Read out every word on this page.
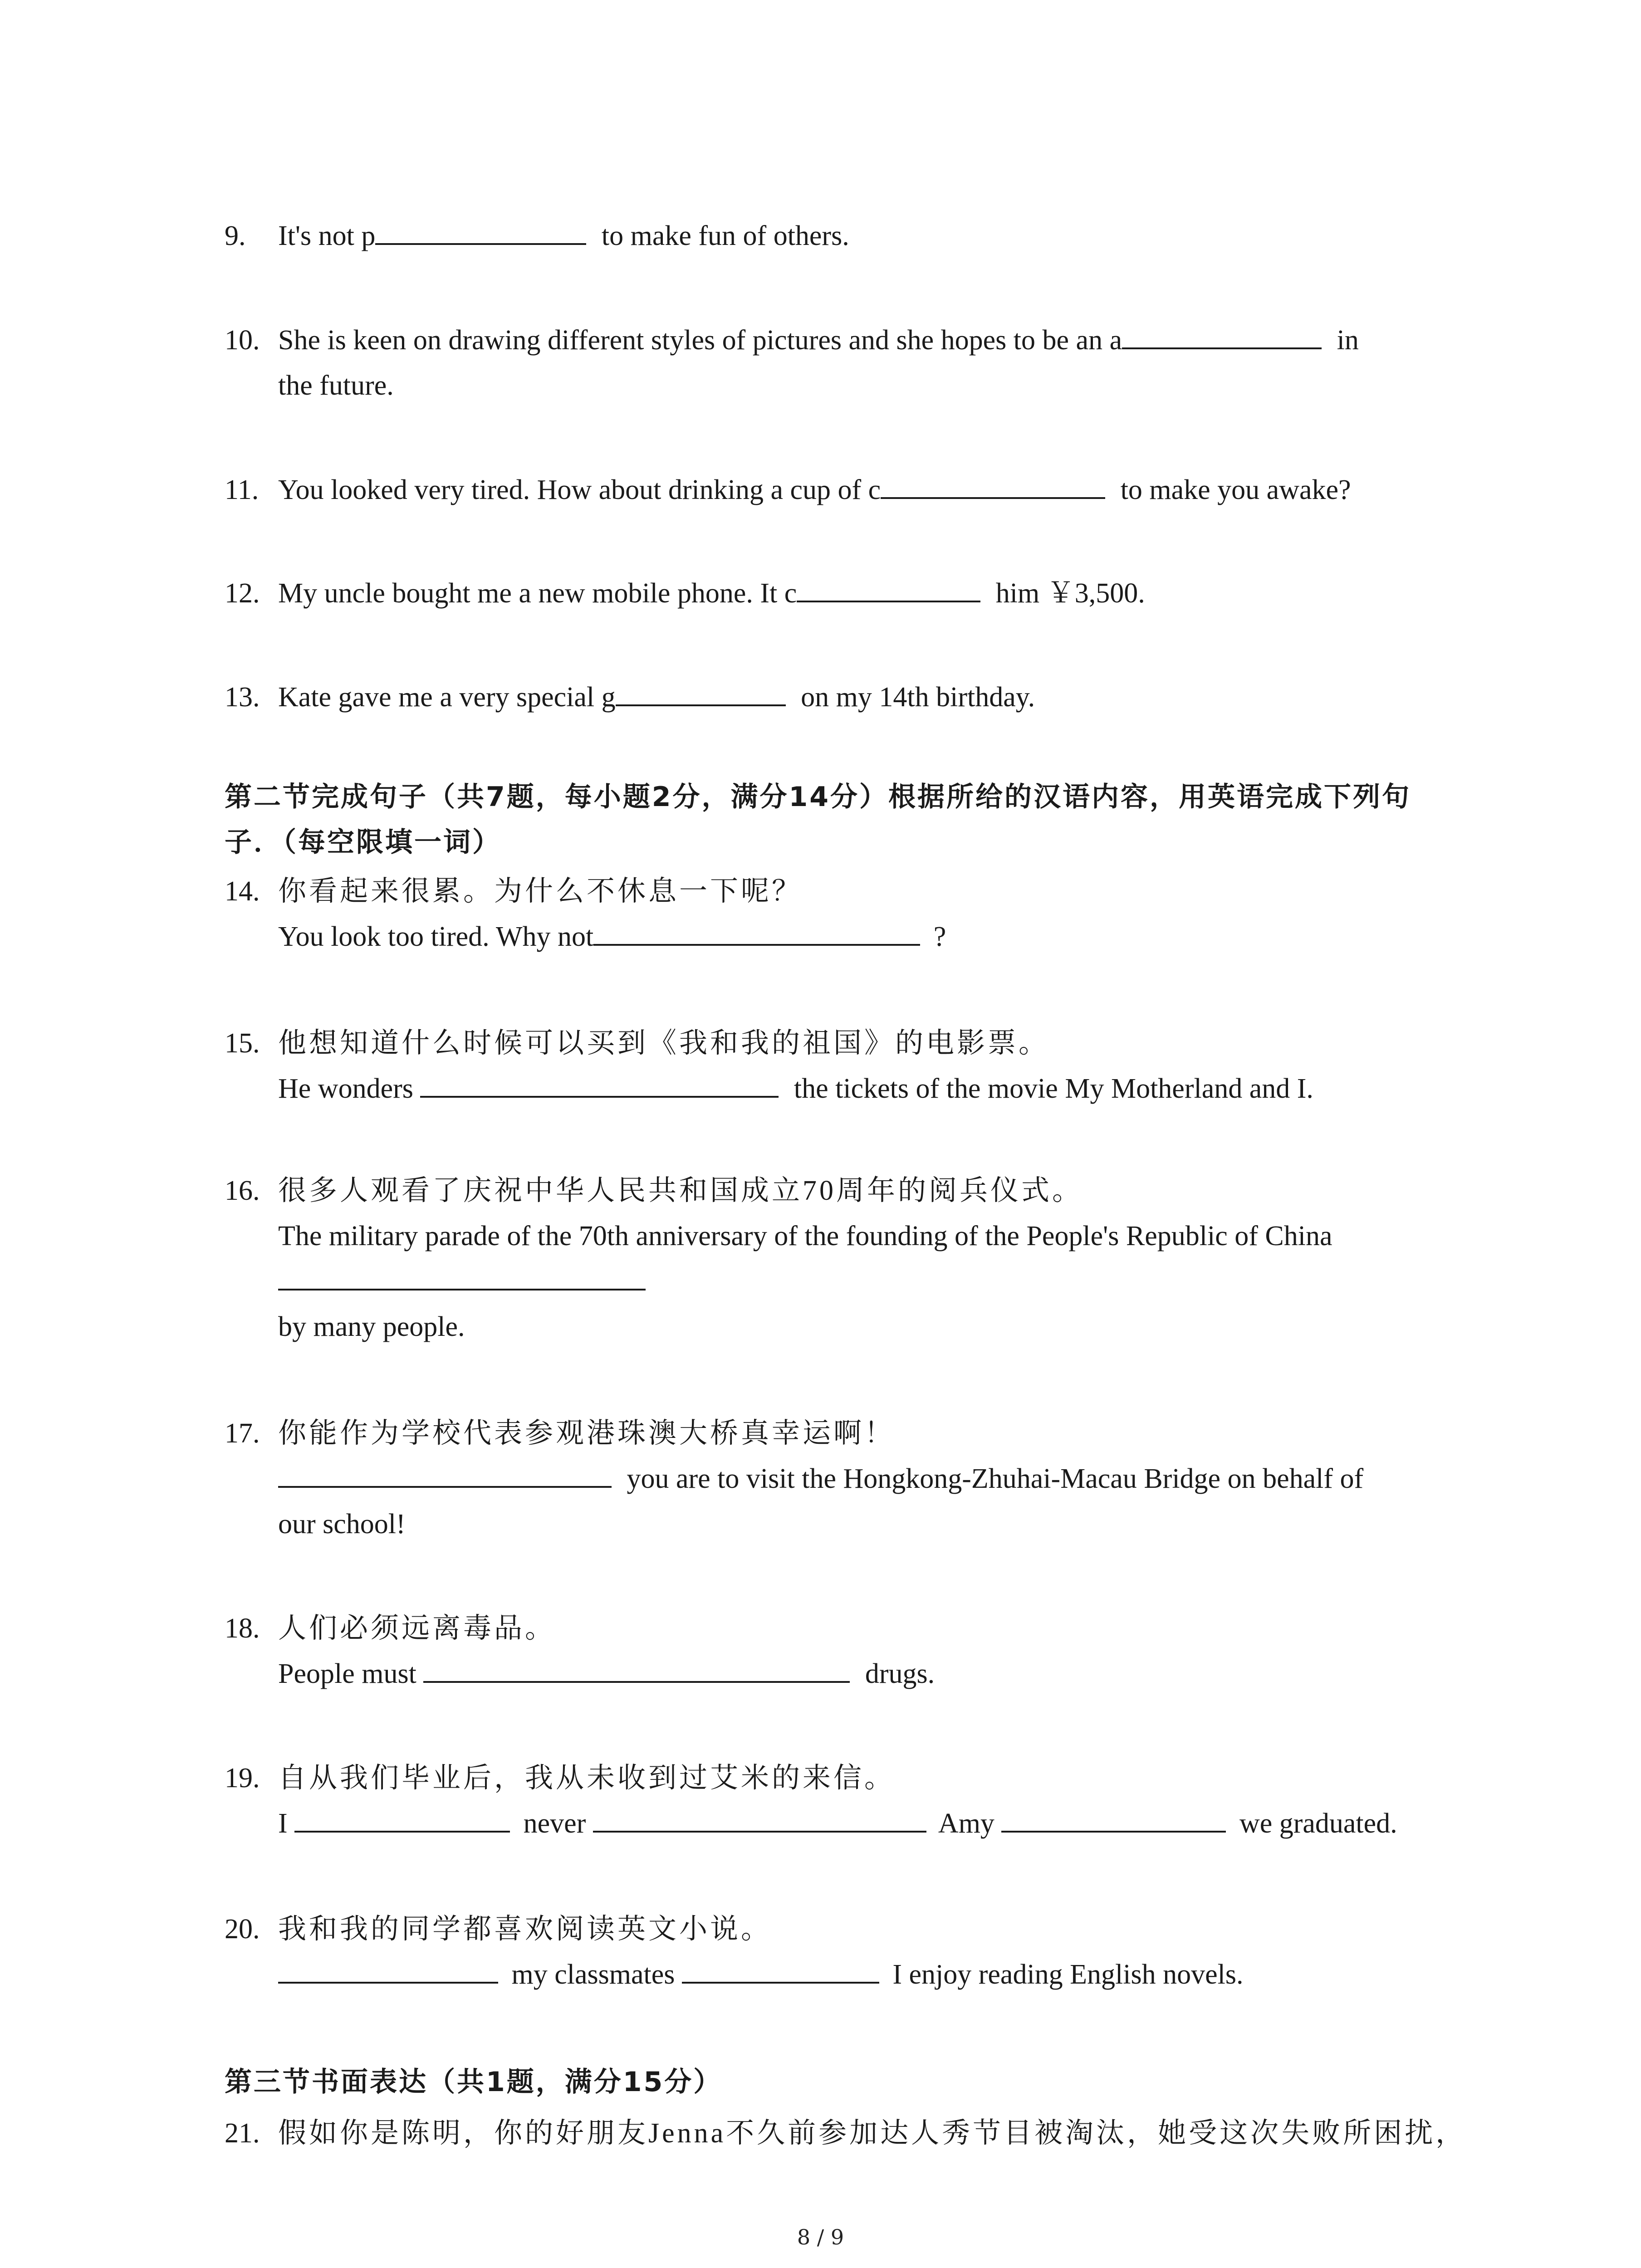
9. It's not p	to make fun of others.
10. She is keen on drawing different styles of pictures and she hopes to be an a	in
the future.
11. You looked very tired. How about drinking a cup of c	to make you awake?
12. My uncle bought me a new mobile phone. It c	him ￥3,500.
13. Kate gave me a very special g	on my 14th birthday.
第二节完成句子（共7题，每小题2分，满分14分）根据所给的汉语内容，用英语完成下列句
子．（每空限填一词）
14. 你看起来很累。为什么不休息一下呢？
You look too tired. Why not	?
15. 他想知道什么时候可以买到《我和我的祖国》的电影票。
He wonders	the tickets of the movie My Motherland and I.
16. 很多人观看了庆祝中华人民共和国成立70周年的阅兵仪式。
The military parade of the 70th anniversary of the founding of the People's Republic of China
by many people.
17. 你能作为学校代表参观港珠澳大桥真幸运啊！
you are to visit the Hongkong-Zhuhai-Macau Bridge on behalf of
our school!
18. 人们必须远离毒品。
People must	drugs.
19. 自从我们毕业后，我从未收到过艾米的来信。
I	never	Amy	we graduated.
20. 我和我的同学都喜欢阅读英文小说。
my classmates	I enjoy reading English novels.
第三节书面表达（共1题，满分15分）
21. 假如你是陈明，你的好朋友Jenna不久前参加达人秀节目被淘汰，她受这次失败所困扰，
8 / 9
